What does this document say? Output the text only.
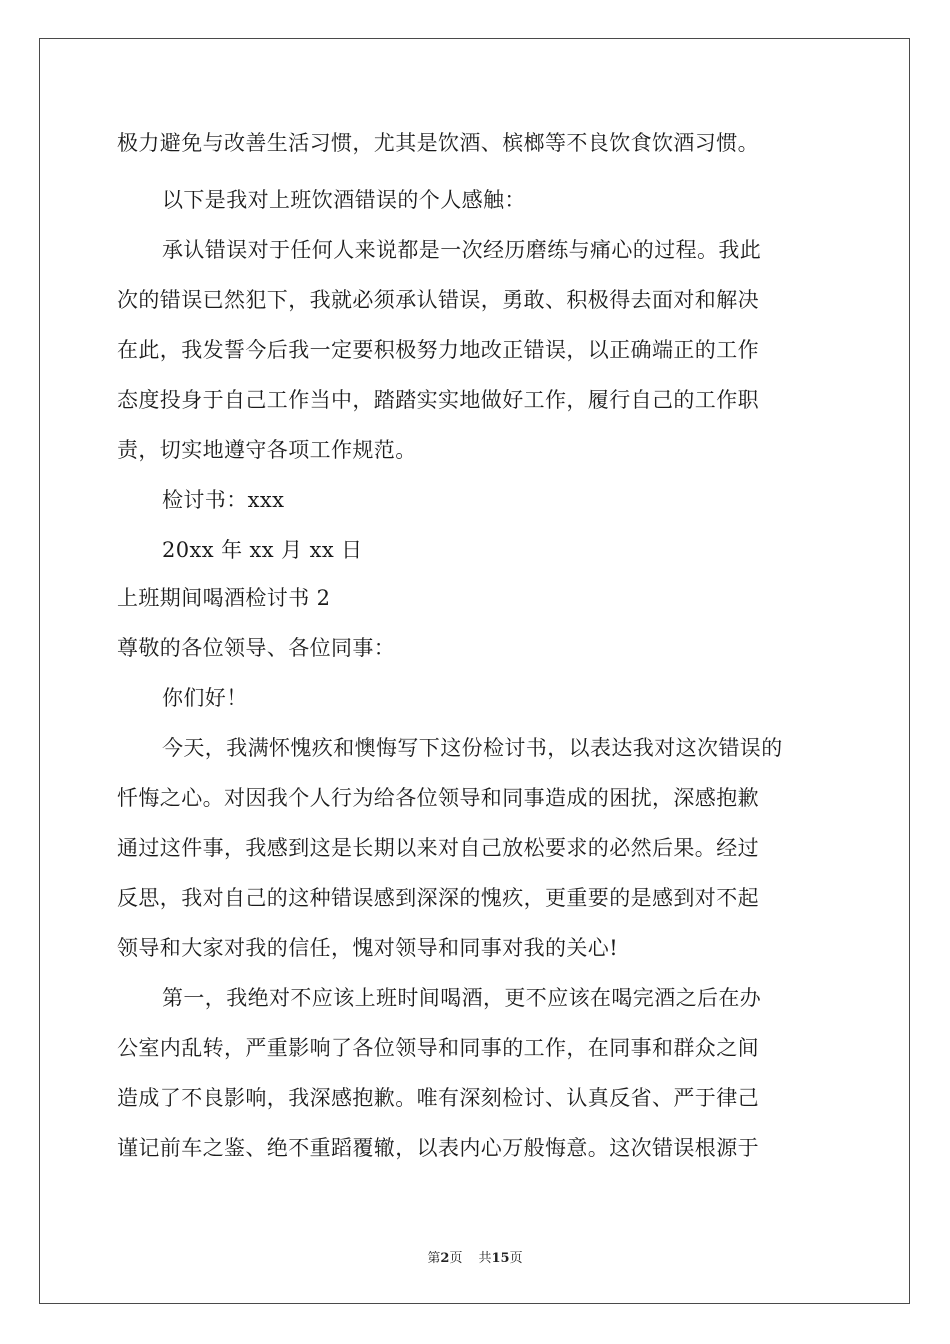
极力避免与改善生活习惯，尤其是饮酒、槟榔等不良饮食饮酒习惯。
以下是我对上班饮酒错误的个人感触：
承认错误对于任何人来说都是一次经历磨练与痛心的过程。我此
次的错误已然犯下，我就必须承认错误，勇敢、积极得去面对和解决
在此，我发誓今后我一定要积极努力地改正错误，以正确端正的工作
态度投身于自己工作当中，踏踏实实地做好工作，履行自己的工作职
责，切实地遵守各项工作规范。
检讨书：xxx
20xx 年 xx 月 xx 日
上班期间喝酒检讨书 2
尊敬的各位领导、各位同事：
你们好！
今天，我满怀愧疚和懊悔写下这份检讨书，以表达我对这次错误的
忏悔之心。对因我个人行为给各位领导和同事造成的困扰，深感抱歉
通过这件事，我感到这是长期以来对自己放松要求的必然后果。经过
反思，我对自己的这种错误感到深深的愧疚，更重要的是感到对不起
领导和大家对我的信任，愧对领导和同事对我的关心!
第一，我绝对不应该上班时间喝酒，更不应该在喝完酒之后在办
公室内乱转，严重影响了各位领导和同事的工作，在同事和群众之间
造成了不良影响，我深感抱歉。唯有深刻检讨、认真反省、严于律己
谨记前车之鉴、绝不重蹈覆辙，以表内心万般悔意。这次错误根源于
第2页 共15页
